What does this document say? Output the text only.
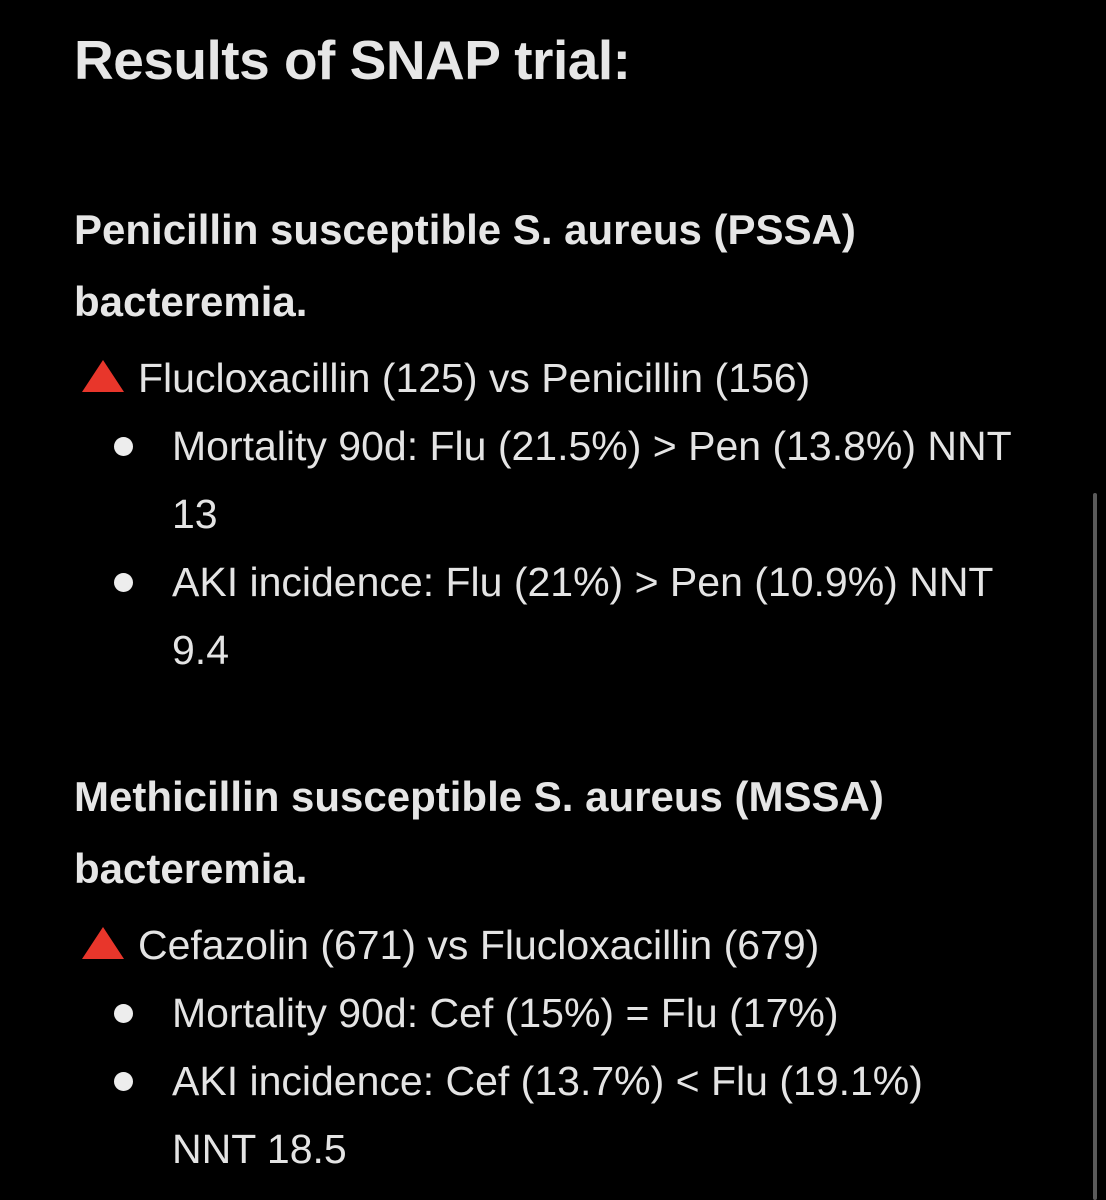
Results of SNAP trial:
Penicillin susceptible S. aureus (PSSA) bacteremia.
Flucloxacillin (125) vs Penicillin (156)
Mortality 90d: Flu (21.5%) > Pen (13.8%) NNT 13
AKI incidence: Flu (21%) > Pen (10.9%) NNT 9.4
Methicillin susceptible S. aureus (MSSA) bacteremia.
Cefazolin (671) vs Flucloxacillin (679)
Mortality 90d: Cef (15%) = Flu (17%)
AKI incidence: Cef (13.7%) < Flu (19.1%) NNT 18.5
